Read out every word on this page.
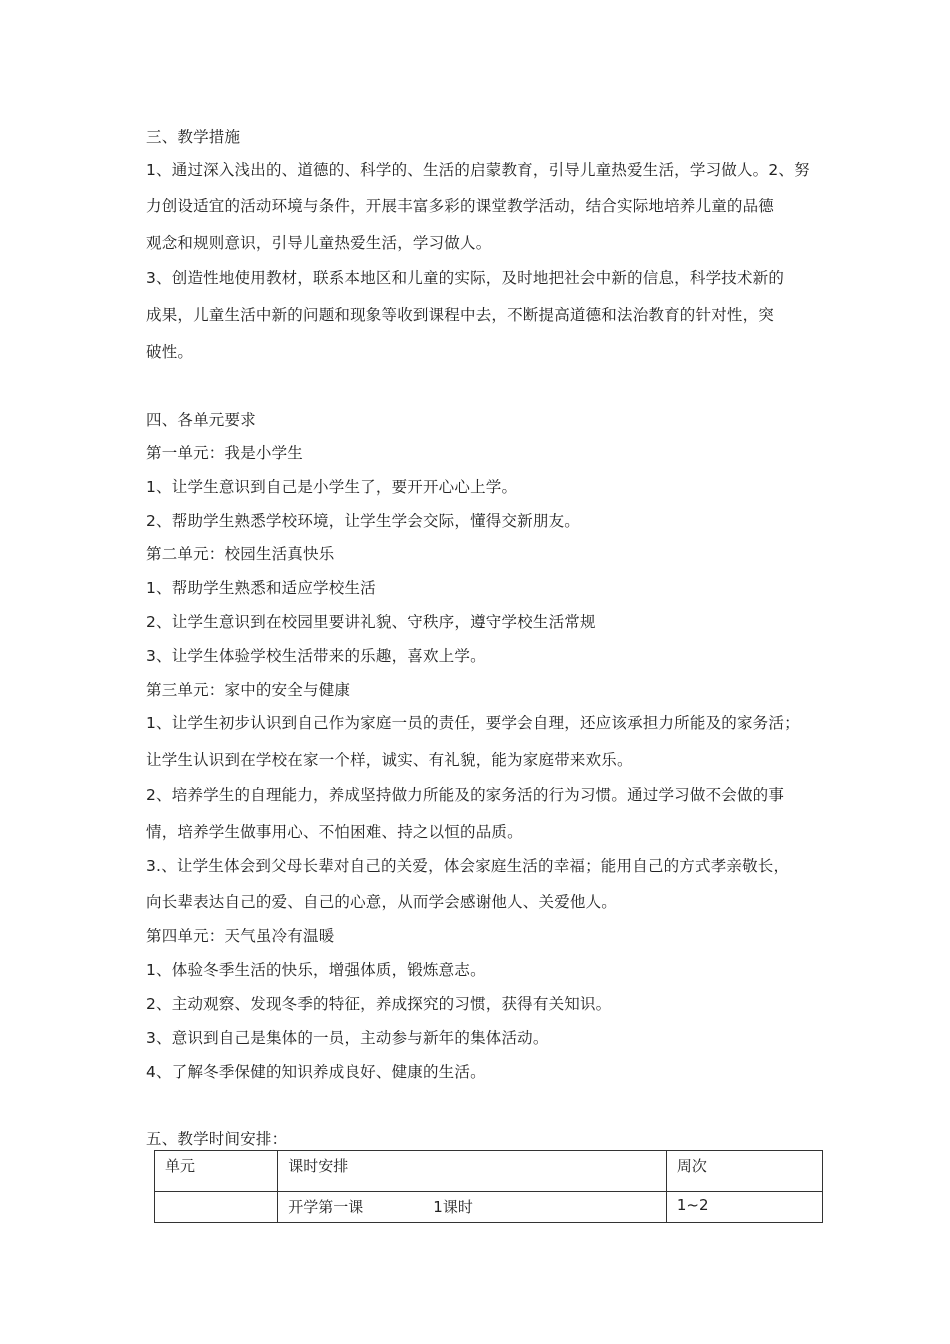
三、教学措施
1、通过深入浅出的、道德的、科学的、生活的启蒙教育，引导儿童热爱生活，学习做人。2、努
力创设适宜的活动环境与条件，开展丰富多彩的课堂教学活动，结合实际地培养儿童的品德
观念和规则意识，引导儿童热爱生活，学习做人。
3、创造性地使用教材，联系本地区和儿童的实际，及时地把社会中新的信息，科学技术新的
成果，儿童生活中新的问题和现象等收到课程中去，不断提高道德和法治教育的针对性，突
破性。
四、各单元要求
第一单元：我是小学生
1、让学生意识到自己是小学生了，要开开心心上学。
2、帮助学生熟悉学校环境，让学生学会交际，懂得交新朋友。
第二单元：校园生活真快乐
1、帮助学生熟悉和适应学校生活
2、让学生意识到在校园里要讲礼貌、守秩序，遵守学校生活常规
3、让学生体验学校生活带来的乐趣，喜欢上学。
第三单元：家中的安全与健康
1、让学生初步认识到自己作为家庭一员的责任，要学会自理，还应该承担力所能及的家务活；
让学生认识到在学校在家一个样，诚实、有礼貌，能为家庭带来欢乐。
2、培养学生的自理能力，养成坚持做力所能及的家务活的行为习惯。通过学习做不会做的事
情，培养学生做事用心、不怕困难、持之以恒的品质。
3.、让学生体会到父母长辈对自己的关爱，体会家庭生活的幸福；能用自己的方式孝亲敬长，
向长辈表达自己的爱、自己的心意，从而学会感谢他人、关爱他人。
第四单元：天气虽冷有温暖
1、体验冬季生活的快乐，增强体质，锻炼意志。
2、主动观察、发现冬季的特征，养成探究的习惯，获得有关知识。
3、意识到自己是集体的一员，主动参与新年的集体活动。
4、了解冬季保健的知识养成良好、健康的生活。
五、教学时间安排：
单元	课时安排	周次
	开学第一课 1课时	1~2
